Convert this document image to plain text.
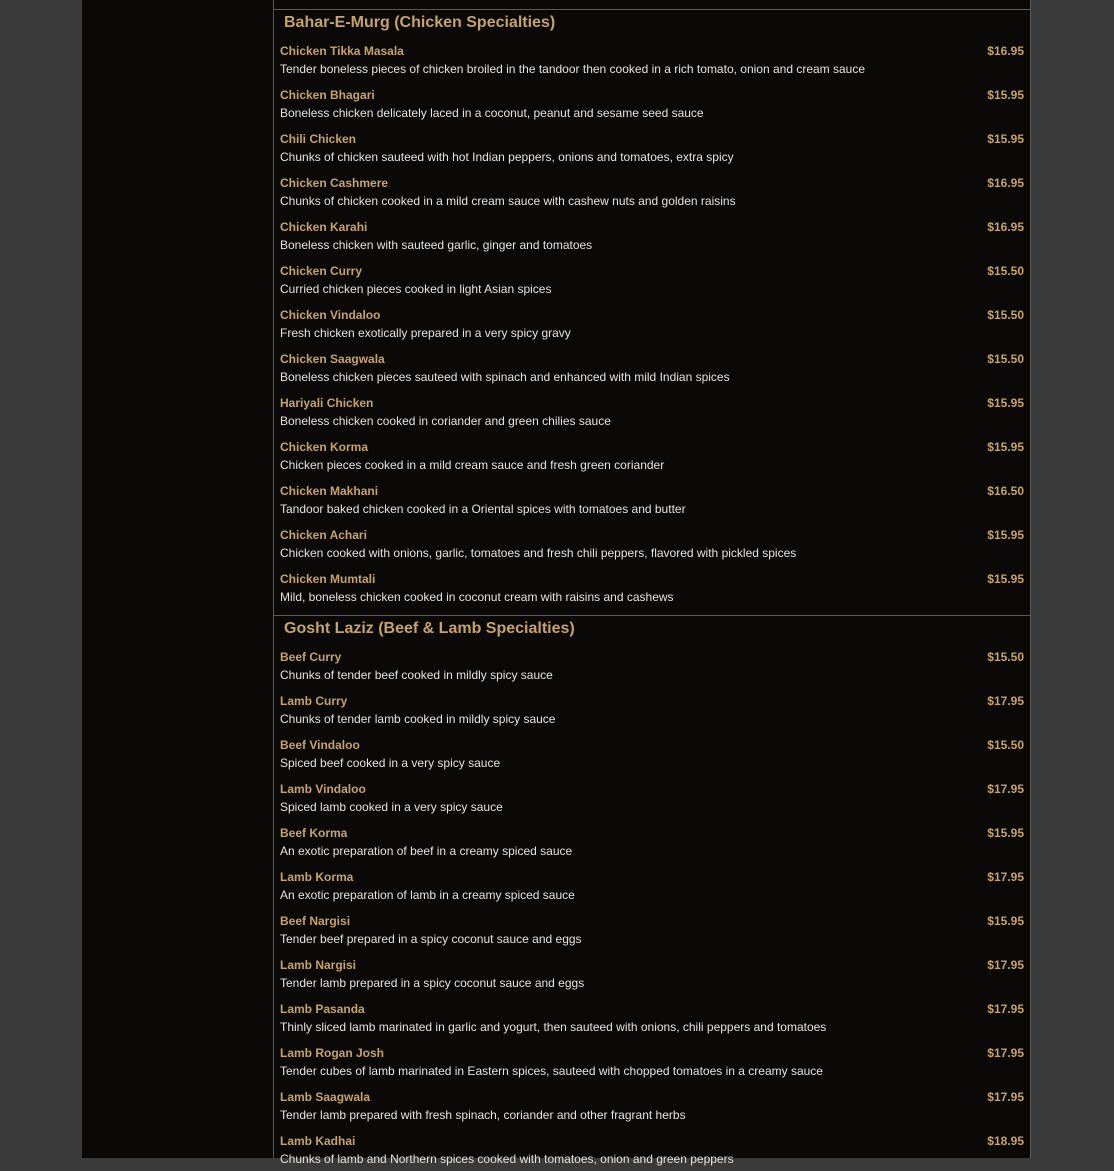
Bahar-E-Murg (Chicken Specialties)
Chicken Tikka Masala	$16.95
Tender boneless pieces of chicken broiled in the tandoor then cooked in a rich tomato, onion and cream sauce
Chicken Bhagari	$15.95
Boneless chicken delicately laced in a coconut, peanut and sesame seed sauce
Chili Chicken	$15.95
Chunks of chicken sauteed with hot Indian peppers, onions and tomatoes, extra spicy
Chicken Cashmere	$16.95
Chunks of chicken cooked in a mild cream sauce with cashew nuts and golden raisins
Chicken Karahi	$16.95
Boneless chicken with sauteed garlic, ginger and tomatoes
Chicken Curry	$15.50
Curried chicken pieces cooked in light Asian spices
Chicken Vindaloo	$15.50
Fresh chicken exotically prepared in a very spicy gravy
Chicken Saagwala	$15.50
Boneless chicken pieces sauteed with spinach and enhanced with mild Indian spices
Hariyali Chicken	$15.95
Boneless chicken cooked in coriander and green chilies sauce
Chicken Korma	$15.95
Chicken pieces cooked in a mild cream sauce and fresh green coriander
Chicken Makhani	$16.50
Tandoor baked chicken cooked in a Oriental spices with tomatoes and butter
Chicken Achari	$15.95
Chicken cooked with onions, garlic, tomatoes and fresh chili peppers, flavored with pickled spices
Chicken Mumtali	$15.95
Mild, boneless chicken cooked in coconut cream with raisins and cashews
Gosht Laziz (Beef & Lamb Specialties)
Beef Curry	$15.50
Chunks of tender beef cooked in mildly spicy sauce
Lamb Curry	$17.95
Chunks of tender lamb cooked in mildly spicy sauce
Beef Vindaloo	$15.50
Spiced beef cooked in a very spicy sauce
Lamb Vindaloo	$17.95
Spiced lamb cooked in a very spicy sauce
Beef Korma	$15.95
An exotic preparation of beef in a creamy spiced sauce
Lamb Korma	$17.95
An exotic preparation of lamb in a creamy spiced sauce
Beef Nargisi	$15.95
Tender beef prepared in a spicy coconut sauce and eggs
Lamb Nargisi	$17.95
Tender lamb prepared in a spicy coconut sauce and eggs
Lamb Pasanda	$17.95
Thinly sliced lamb marinated in garlic and yogurt, then sauteed with onions, chili peppers and tomatoes
Lamb Rogan Josh	$17.95
Tender cubes of lamb marinated in Eastern spices, sauteed with chopped tomatoes in a creamy sauce
Lamb Saagwala	$17.95
Tender lamb prepared with fresh spinach, coriander and other fragrant herbs
Lamb Kadhai	$18.95
Chunks of lamb and Northern spices cooked with tomatoes, onion and green peppers
